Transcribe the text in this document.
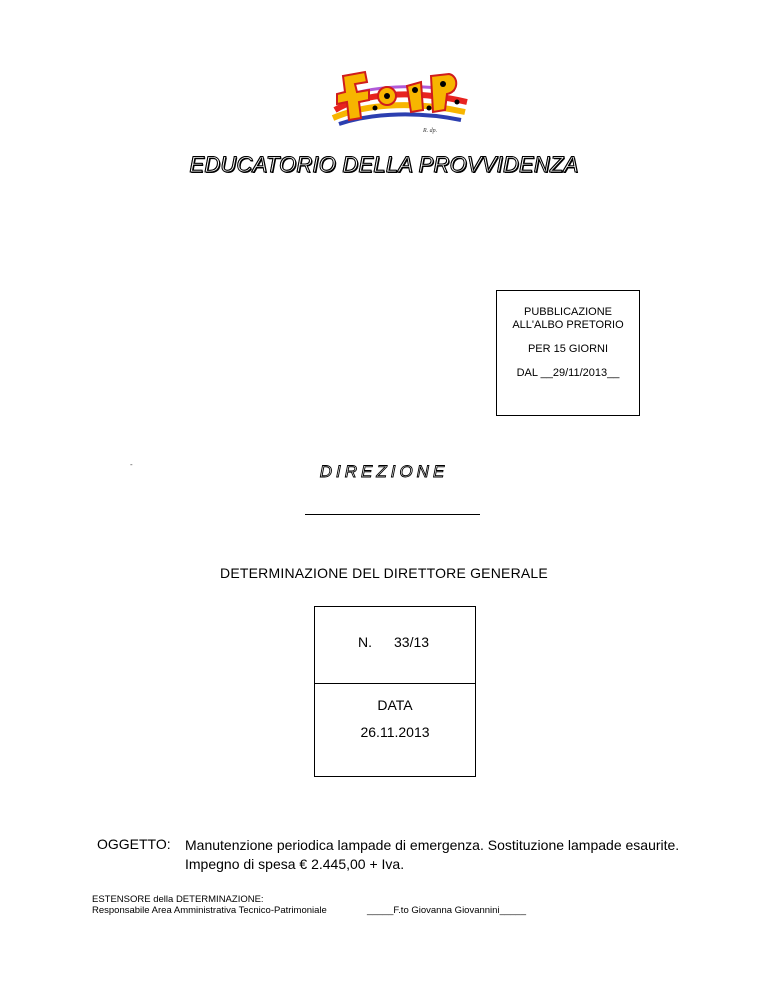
R. dp.
EDUCATORIO DELLA PROVVIDENZA
PUBBLICAZIONE
ALL'ALBO PRETORIO
PER 15 GIORNI
DAL __29/11/2013__
-	DIREZIONE
DETERMINAZIONE DEL DIRETTORE GENERALE
N. 33/13
DATA
26.11.2013
OGGETTO: Manutenzione periodica lampade di emergenza. Sostituzione lampade esaurite.
Impegno di spesa € 2.445,00 + Iva.
ESTENSORE della DETERMINAZIONE:
Responsabile Area Amministrativa Tecnico-Patrimoniale	_____F.to Giovanna Giovannini_____
